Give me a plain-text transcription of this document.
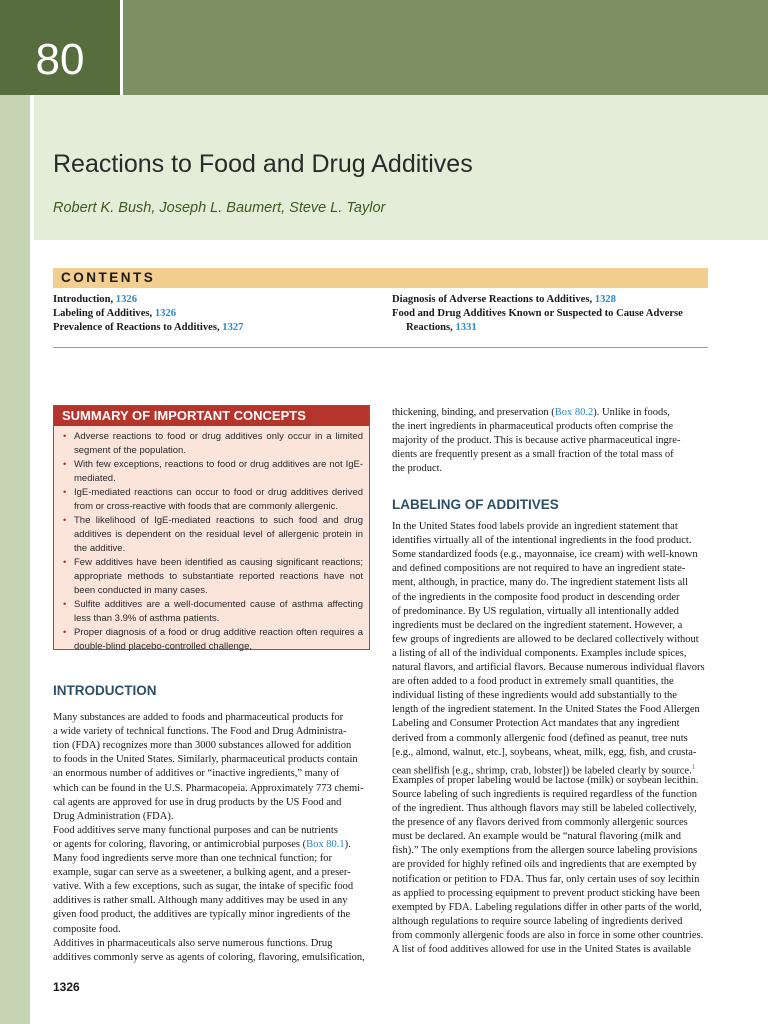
80
Reactions to Food and Drug Additives
Robert K. Bush, Joseph L. Baumert, Steve L. Taylor
CONTENTS
Introduction, 1326
Labeling of Additives, 1326
Prevalence of Reactions to Additives, 1327
Diagnosis of Adverse Reactions to Additives, 1328
Food and Drug Additives Known or Suspected to Cause Adverse
Reactions, 1331
SUMMARY OF IMPORTANT CONCEPTS
• Adverse reactions to food or drug additives only occur in a limited segment of the population.
• With few exceptions, reactions to food or drug additives are not IgE-mediated.
• IgE-mediated reactions can occur to food or drug additives derived from or cross-reactive with foods that are commonly allergenic.
• The likelihood of IgE-mediated reactions to such food and drug additives is dependent on the residual level of allergenic protein in the additive.
• Few additives have been identified as causing significant reactions; appropriate methods to substantiate reported reactions have not been conducted in many cases.
• Sulfite additives are a well-documented cause of asthma affecting less than 3.9% of asthma patients.
• Proper diagnosis of a food or drug additive reaction often requires a double-blind placebo-controlled challenge.
INTRODUCTION
Many substances are added to foods and pharmaceutical products for
a wide variety of technical functions. The Food and Drug Administra-
tion (FDA) recognizes more than 3000 substances allowed for addition
to foods in the United States. Similarly, pharmaceutical products contain
an enormous number of additives or “inactive ingredients,” many of
which can be found in the U.S. Pharmacopeia. Approximately 773 chemi-
cal agents are approved for use in drug products by the US Food and
Drug Administration (FDA).
Food additives serve many functional purposes and can be nutrients
or agents for coloring, flavoring, or antimicrobial purposes (Box 80.1).
Many food ingredients serve more than one technical function; for
example, sugar can serve as a sweetener, a bulking agent, and a preser-
vative. With a few exceptions, such as sugar, the intake of specific food
additives is rather small. Although many additives may be used in any
given food product, the additives are typically minor ingredients of the
composite food.
Additives in pharmaceuticals also serve numerous functions. Drug
additives commonly serve as agents of coloring, flavoring, emulsification,
thickening, binding, and preservation (Box 80.2). Unlike in foods,
the inert ingredients in pharmaceutical products often comprise the
majority of the product. This is because active pharmaceutical ingre-
dients are frequently present as a small fraction of the total mass of
the product.
LABELING OF ADDITIVES
In the United States food labels provide an ingredient statement that
identifies virtually all of the intentional ingredients in the food product.
Some standardized foods (e.g., mayonnaise, ice cream) with well-known
and defined compositions are not required to have an ingredient state-
ment, although, in practice, many do. The ingredient statement lists all
of the ingredients in the composite food product in descending order
of predominance. By US regulation, virtually all intentionally added
ingredients must be declared on the ingredient statement. However, a
few groups of ingredients are allowed to be declared collectively without
a listing of all of the individual components. Examples include spices,
natural flavors, and artificial flavors. Because numerous individual flavors
are often added to a food product in extremely small quantities, the
individual listing of these ingredients would add substantially to the
length of the ingredient statement. In the United States the Food Allergen
Labeling and Consumer Protection Act mandates that any ingredient
derived from a commonly allergenic food (defined as peanut, tree nuts
[e.g., almond, walnut, etc.], soybeans, wheat, milk, egg, fish, and crusta-
cean shellfish [e.g., shrimp, crab, lobster]) be labeled clearly by source.$^1$
Examples of proper labeling would be lactose (milk) or soybean lecithin.
Source labeling of such ingredients is required regardless of the function
of the ingredient. Thus although flavors may still be labeled collectively,
the presence of any flavors derived from commonly allergenic sources
must be declared. An example would be “natural flavoring (milk and
fish).” The only exemptions from the allergen source labeling provisions
are provided for highly refined oils and ingredients that are exempted by
notification or petition to FDA. Thus far, only certain uses of soy lecithin
as applied to processing equipment to prevent product sticking have been
exempted by FDA. Labeling regulations differ in other parts of the world,
although regulations to require source labeling of ingredients derived
from commonly allergenic foods are also in force in some other countries.
A list of food additives allowed for use in the United States is available
1326
